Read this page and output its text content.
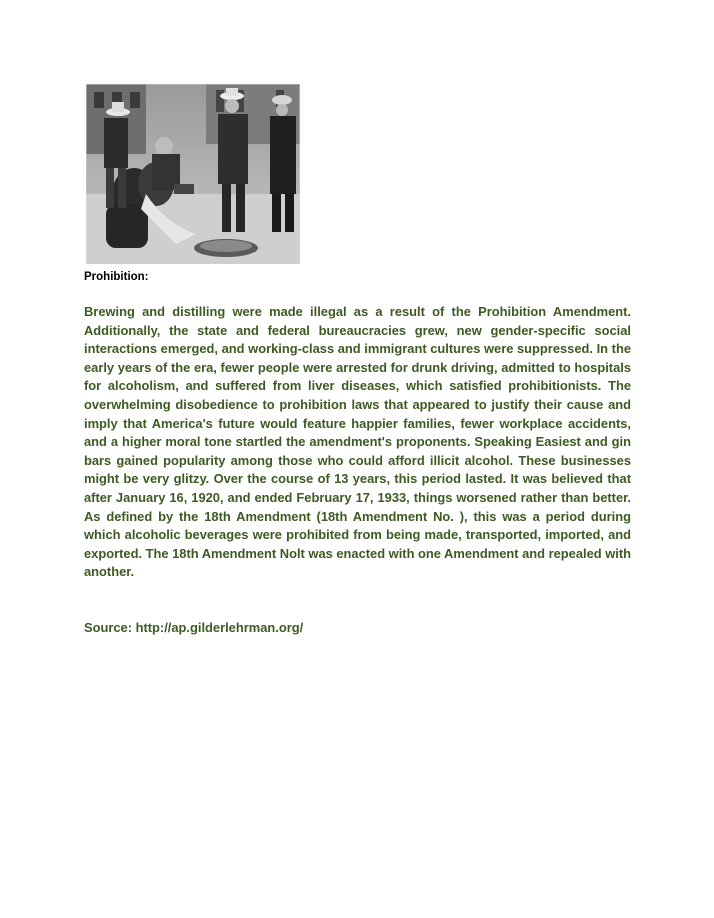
Prohibition:

Brewing and distilling were made illegal as a result of the Prohibition Amendment. Additionally, the state and federal bureaucracies grew, new gender-specific social interactions emerged, and working-class and immigrant cultures were suppressed. In the early years of the era, fewer people were arrested for drunk driving, admitted to hospitals for alcoholism, and suffered from liver diseases, which satisfied prohibitionists. The overwhelming disobedience to prohibition laws that appeared to justify their cause and imply that America's future would feature happier families, fewer workplace accidents, and a higher moral tone startled the amendment's proponents. Speaking Easiest and gin bars gained popularity among those who could afford illicit alcohol. These businesses might be very glitzy. Over the course of 13 years, this period lasted. It was believed that after January 16, 1920, and ended February 17, 1933, things worsened rather than better. As defined by the 18th Amendment (18th Amendment No. ), this was a period during which alcoholic beverages were prohibited from being made, transported, imported, and exported. The 18th Amendment Nolt was enacted with one Amendment and repealed with another.

Source: http://ap.gilderlehrman.org/
